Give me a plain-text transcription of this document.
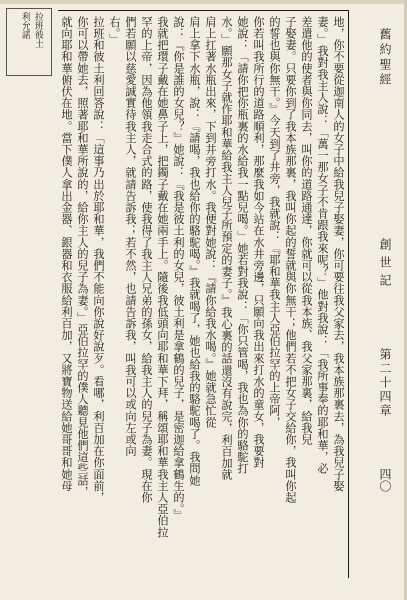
舊約聖經
創世記
第二十四章
四〇
地，你不要從迦南人的女子中給我兒子娶妻，你可要往我父家去，我本族那裏去，為我兒子娶
妻。」我對我主人說：「萬一那女子不肯跟我來呢？」他對我說：「我所事奉的耶和華，必
差遣他的使者與你同去，叫你的道路通達，你就可以從我本族、我父家那裏，給我兒
子娶妻。只要你到了我本族那裏，我叫你起的誓就與你無干；他們若不把女子交給你，我叫你起
的誓也與你無干。』今天到了井旁，我就說：『耶和華我主人亞伯拉罕的上帝阿，
你若叫我所行的道路順利，那麼我如今站在水井旁邊，只願向我出來打水的童女，我要對
她說：「請你把你瓶裏的水給我一點兒喝。」她若對我說：「你只管喝，我也為你的駱駝打
水。」願那女子就作耶和華給我主人兒子所預定的妻子。』我心裏的話還沒有說完，利百加就
肩上扛著水瓶出來，下到井旁打水。我便對她說：『請你給我水喝。』她就急忙從
肩上拿下水瓶，說：『請喝，我也給你的駱駝喝。』我就喝了，她也給我的駱駝喝了。我問她
說：『你是誰的女兒？』她說：『我是彼土利的女兒，彼土利是拿鶴的兒子，是密迦給拿鶴生的。』
我就把環子戴在她鼻子上，把鐲子戴在她兩手上。隨後我低頭向耶和華下拜，稱頌耶和華我主人亞伯拉
罕的上帝，因為他領我走合式的路，使我得了我主人兄弟的孫女，給我主人的兒子為妻。現在你
們若願以慈愛誠實待我主人，就請告訴我；若不然，也請告訴我，叫我可以或向左或向
右。」
拉班和彼土利回答說：「這事乃出於耶和華，我們不能向你說好說歹。看哪，利百加在你面前，
你可以帶她去，照著耶和華所說的，給你主人的兒子為妻。」亞伯拉罕的僕人聽見他們這些話，
就向耶和華俯伏在地。當下僕人拿出金器、銀器和衣服給利百加，又將寶物送給她哥哥和她母
拉班彼土
利允諾
